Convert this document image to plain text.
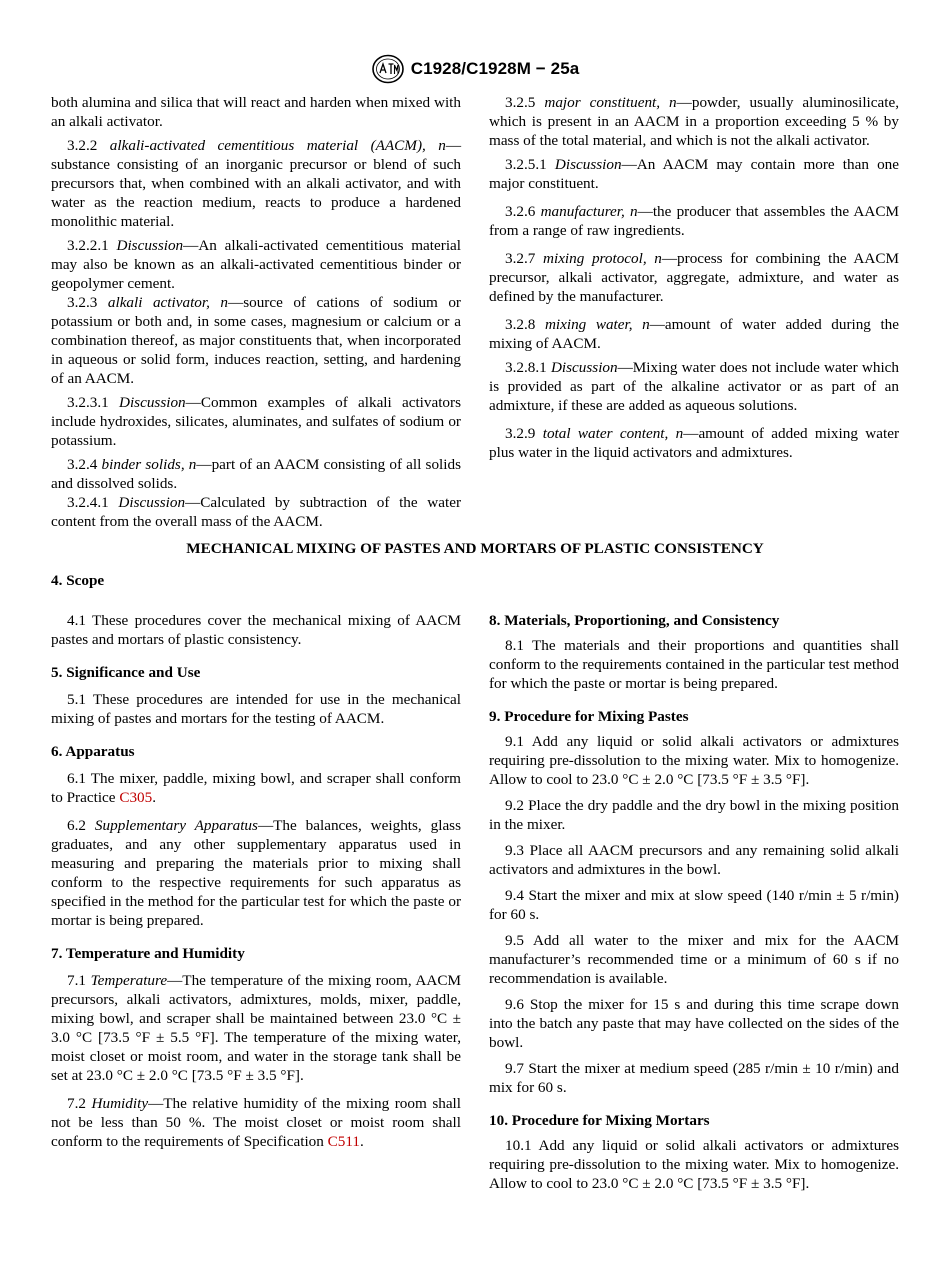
C1928/C1928M − 25a

both alumina and silica that will react and harden when mixed with an alkali activator.

3.2.2 alkali-activated cementitious material (AACM), n—substance consisting of an inorganic precursor or blend of such precursors that, when combined with an alkali activator, and with water as the reaction medium, reacts to produce a hardened monolithic material.

3.2.2.1 Discussion—An alkali-activated cementitious material may also be known as an alkali-activated cementitious binder or geopolymer cement.

3.2.3 alkali activator, n—source of cations of sodium or potassium or both and, in some cases, magnesium or calcium or a combination thereof, as major constituents that, when incorporated in aqueous or solid form, induces reaction, setting, and hardening of an AACM.

3.2.3.1 Discussion—Common examples of alkali activators include hydroxides, silicates, aluminates, and sulfates of sodium or potassium.

3.2.4 binder solids, n—part of an AACM consisting of all solids and dissolved solids.

3.2.4.1 Discussion—Calculated by subtraction of the water content from the overall mass of the AACM.

3.2.5 major constituent, n—powder, usually aluminosilicate, which is present in an AACM in a proportion exceeding 5 % by mass of the total material, and which is not the alkali activator.

3.2.5.1 Discussion—An AACM may contain more than one major constituent.

3.2.6 manufacturer, n—the producer that assembles the AACM from a range of raw ingredients.

3.2.7 mixing protocol, n—process for combining the AACM precursor, alkali activator, aggregate, admixture, and water as defined by the manufacturer.

3.2.8 mixing water, n—amount of water added during the mixing of AACM.

3.2.8.1 Discussion—Mixing water does not include water which is provided as part of the alkaline activator or as part of an admixture, if these are added as aqueous solutions.

3.2.9 total water content, n—amount of added mixing water plus water in the liquid activators and admixtures.

MECHANICAL MIXING OF PASTES AND MORTARS OF PLASTIC CONSISTENCY
4. Scope

4.1 These procedures cover the mechanical mixing of AACM pastes and mortars of plastic consistency.

5. Significance and Use

5.1 These procedures are intended for use in the mechanical mixing of pastes and mortars for the testing of AACM.

6. Apparatus

6.1 The mixer, paddle, mixing bowl, and scraper shall conform to Practice C305.

6.2 Supplementary Apparatus—The balances, weights, glass graduates, and any other supplementary apparatus used in measuring and preparing the materials prior to mixing shall conform to the respective requirements for such apparatus as specified in the method for the particular test for which the paste or mortar is being prepared.

7. Temperature and Humidity

7.1 Temperature—The temperature of the mixing room, AACM precursors, alkali activators, admixtures, molds, mixer, paddle, mixing bowl, and scraper shall be maintained between 23.0 °C ± 3.0 °C [73.5 °F ± 5.5 °F]. The temperature of the mixing water, moist closet or moist room, and water in the storage tank shall be set at 23.0 °C ± 2.0 °C [73.5 °F ± 3.5 °F].

7.2 Humidity—The relative humidity of the mixing room shall not be less than 50 %. The moist closet or moist room shall conform to the requirements of Specification C511.

8. Materials, Proportioning, and Consistency

8.1 The materials and their proportions and quantities shall conform to the requirements contained in the particular test method for which the paste or mortar is being prepared.

9. Procedure for Mixing Pastes

9.1 Add any liquid or solid alkali activators or admixtures requiring pre-dissolution to the mixing water. Mix to homogenize. Allow to cool to 23.0 °C ± 2.0 °C [73.5 °F ± 3.5 °F].

9.2 Place the dry paddle and the dry bowl in the mixing position in the mixer.

9.3 Place all AACM precursors and any remaining solid alkali activators and admixtures in the bowl.

9.4 Start the mixer and mix at slow speed (140 r/min ± 5 r/min) for 60 s.

9.5 Add all water to the mixer and mix for the AACM manufacturer’s recommended time or a minimum of 60 s if no recommendation is available.

9.6 Stop the mixer for 15 s and during this time scrape down into the batch any paste that may have collected on the sides of the bowl.

9.7 Start the mixer at medium speed (285 r/min ± 10 r/min) and mix for 60 s.

10. Procedure for Mixing Mortars

10.1 Add any liquid or solid alkali activators or admixtures requiring pre-dissolution to the mixing water. Mix to homogenize. Allow to cool to 23.0 °C ± 2.0 °C [73.5 °F ± 3.5 °F].
